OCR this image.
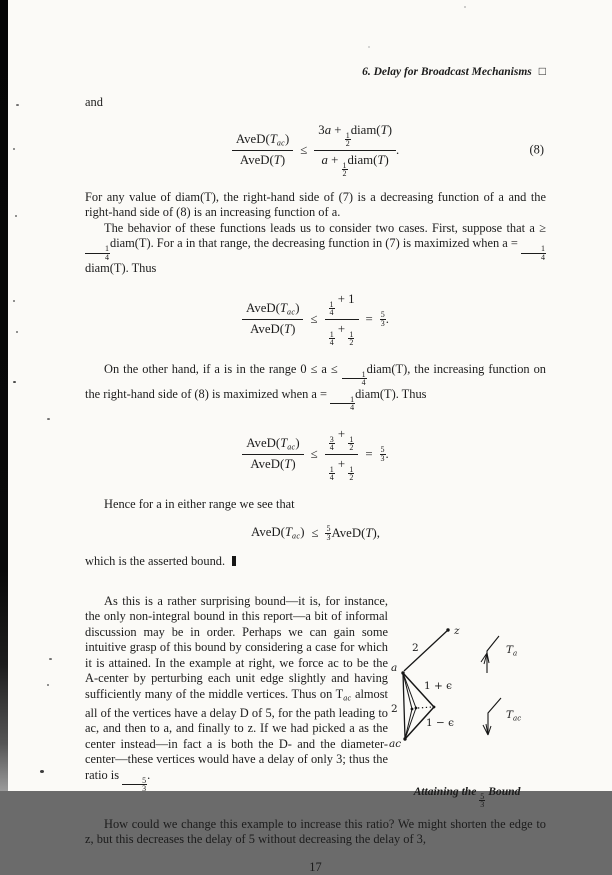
6. Delay for Broadcast Mechanisms □

and

AveD(Tac)
AveD(T)
≤
3a +
$\frac{1}{2}$
diam(T)
a +
$\frac{1}{2}$
diam(T)
.	(8)

For any value of diam(T), the right-hand side of (7) is a decreasing function of a and the right-hand side of (8) is an increasing function of a.

The behavior of these functions leads us to consider two cases. First, suppose that a ≥
$\frac{1}{4}$
diam(T). For a in that range, the decreasing function in (7) is maximized when a =
$\frac{1}{4}$
diam(T). Thus

AveD(Tac)
AveD(T)
≤ $\frac{1}{4}$
+ 1
$\frac{1}{4}$
+
$\frac{1}{2} = \frac{5}{3}$ .

On the other hand, if a is in the range 0 ≤ a ≤
$\frac{1}{4}$
diam(T), the increasing function on the right-hand side of (8) is maximized when a =
$\frac{1}{4}$
diam(T). Thus

AveD(Tac)
AveD(T)
≤ $\frac{3}{4}$
+
$\frac{1}{2}$
$\frac{1}{4}$
+
$\frac{1}{2} = \frac{5}{3}$ .

Hence for a in either range we see that

AveD(Tac) ≤ $\frac{5}{3}$ AveD(T),

which is the asserted bound.

As this is a rather surprising bound—it is, for instance, the only non-integral bound in this report—a bit of informal discussion may be in order. Perhaps we can gain some intuitive grasp of this bound by considering a case for which it is attained. In the example at right, we force ac to be the A-center by perturbing each unit edge slightly and having sufficiently many of the middle vertices. Thus on $T_{ac}$ almost all of the vertices have a delay D of 5, for the path leading to ac, and then to a, and finally to z. If we had picked a as the center instead—in fact a is both the D- and the diameter-center—these vertices would have a delay of only 3; thus the ratio is
$\frac{5}{3}$
.

z
a
ac
2
2
1 + ϵ
1 − ϵ
$T_a$
$T_{ac}$
Attaining the
$\frac{5}{3}$
Bound

How could we change this example to increase this ratio? We might shorten the edge to z, but this decreases the delay of 5 without decreasing the delay of 3,

17
